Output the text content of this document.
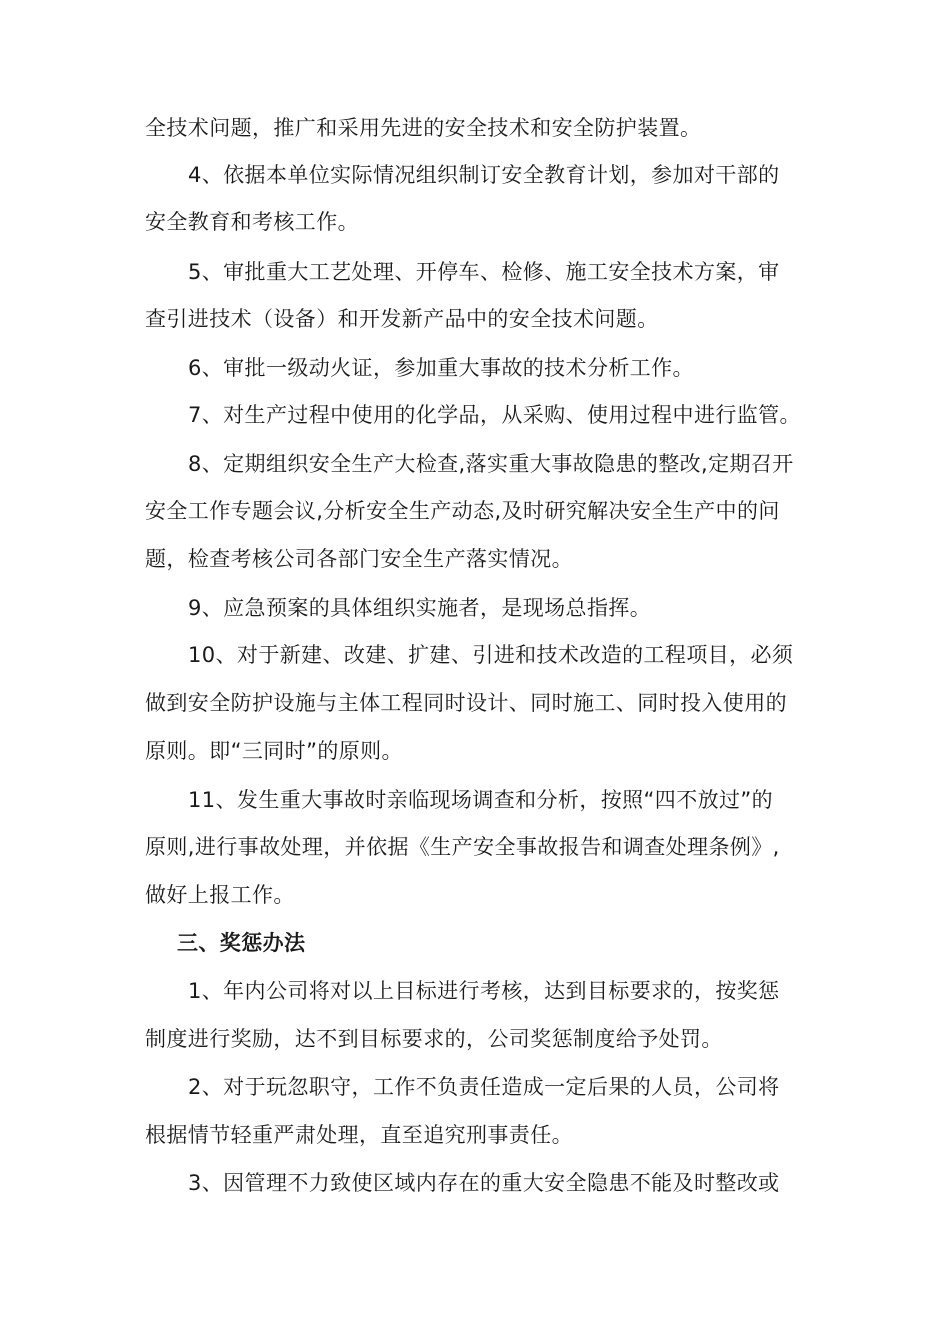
全技术问题，推广和采用先进的安全技术和安全防护装置。
4、依据本单位实际情况组织制订安全教育计划，参加对干部的
安全教育和考核工作。
5、审批重大工艺处理、开停车、检修、施工安全技术方案，审
查引进技术（设备）和开发新产品中的安全技术问题。
6、审批一级动火证，参加重大事故的技术分析工作。
7、对生产过程中使用的化学品，从采购、使用过程中进行监管。
8、定期组织安全生产大检查,落实重大事故隐患的整改,定期召开
安全工作专题会议,分析安全生产动态,及时研究解决安全生产中的问
题，检查考核公司各部门安全生产落实情况。
9、应急预案的具体组织实施者，是现场总指挥。
10、对于新建、改建、扩建、引进和技术改造的工程项目，必须
做到安全防护设施与主体工程同时设计、同时施工、同时投入使用的
原则。即“三同时”的原则。
11、发生重大事故时亲临现场调查和分析，按照“四不放过”的
原则,进行事故处理，并依据《生产安全事故报告和调查处理条例》,
做好上报工作。
三、奖惩办法
1、年内公司将对以上目标进行考核，达到目标要求的，按奖惩
制度进行奖励，达不到目标要求的，公司奖惩制度给予处罚。
2、对于玩忽职守，工作不负责任造成一定后果的人员，公司将
根据情节轻重严肃处理，直至追究刑事责任。
3、因管理不力致使区域内存在的重大安全隐患不能及时整改或
